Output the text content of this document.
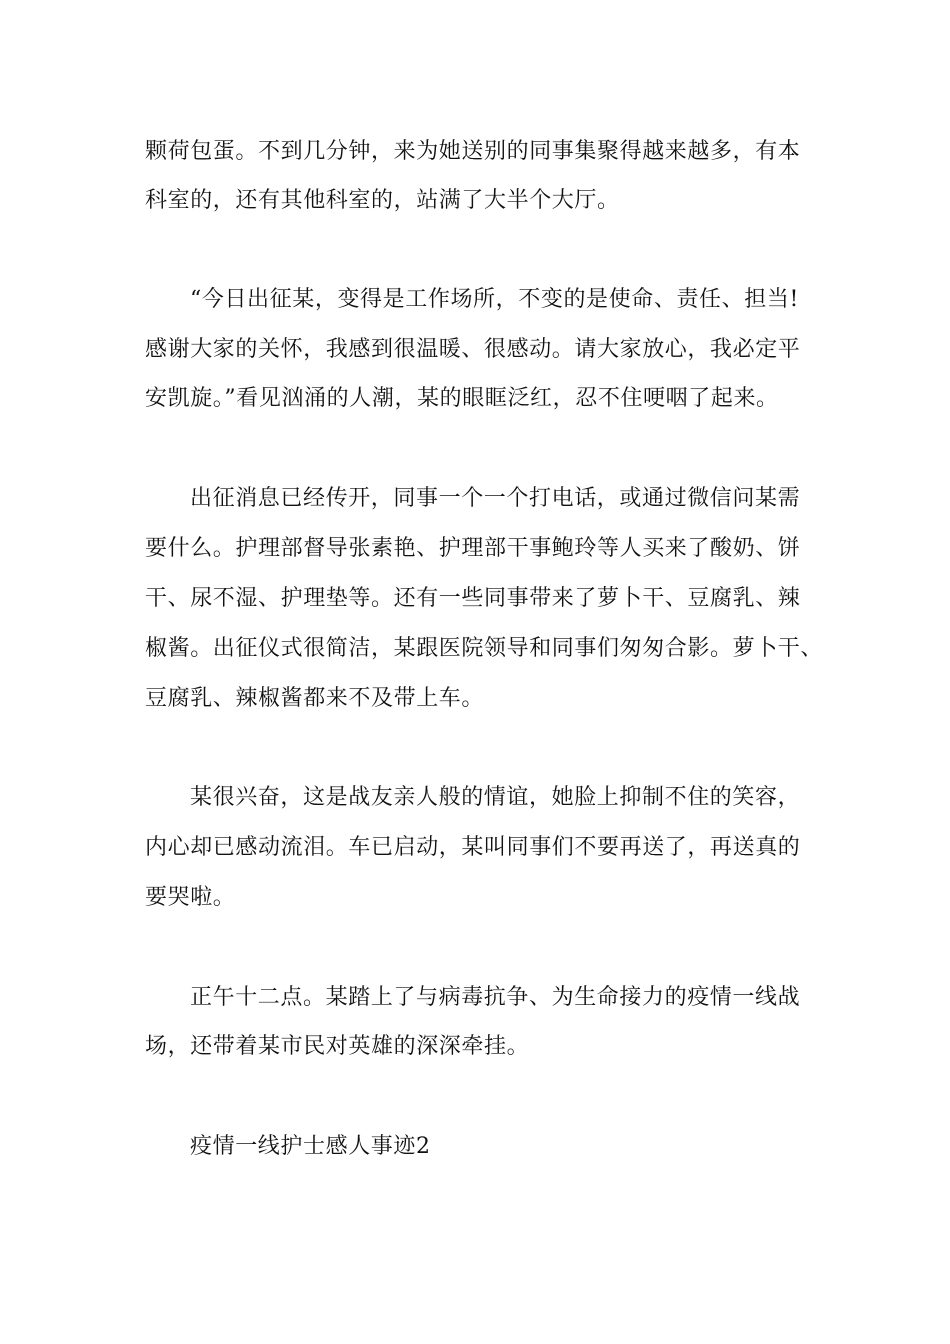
颗荷包蛋。不到几分钟，来为她送别的同事集聚得越来越多，有本
科室的，还有其他科室的，站满了大半个大厅。
“今日出征某，变得是工作场所，不变的是使命、责任、担当!
感谢大家的关怀，我感到很温暖、很感动。请大家放心，我必定平
安凯旋。”看见汹涌的人潮，某的眼眶泛红，忍不住哽咽了起来。
出征消息已经传开，同事一个一个打电话，或通过微信问某需
要什么。护理部督导张素艳、护理部干事鲍玲等人买来了酸奶、饼
干、尿不湿、护理垫等。还有一些同事带来了萝卜干、豆腐乳、辣
椒酱。出征仪式很简洁，某跟医院领导和同事们匆匆合影。萝卜干、
豆腐乳、辣椒酱都来不及带上车。
某很兴奋，这是战友亲人般的情谊，她脸上抑制不住的笑容，
内心却已感动流泪。车已启动，某叫同事们不要再送了，再送真的
要哭啦。
正午十二点。某踏上了与病毒抗争、为生命接力的疫情一线战
场，还带着某市民对英雄的深深牵挂。
疫情一线护士感人事迹2
